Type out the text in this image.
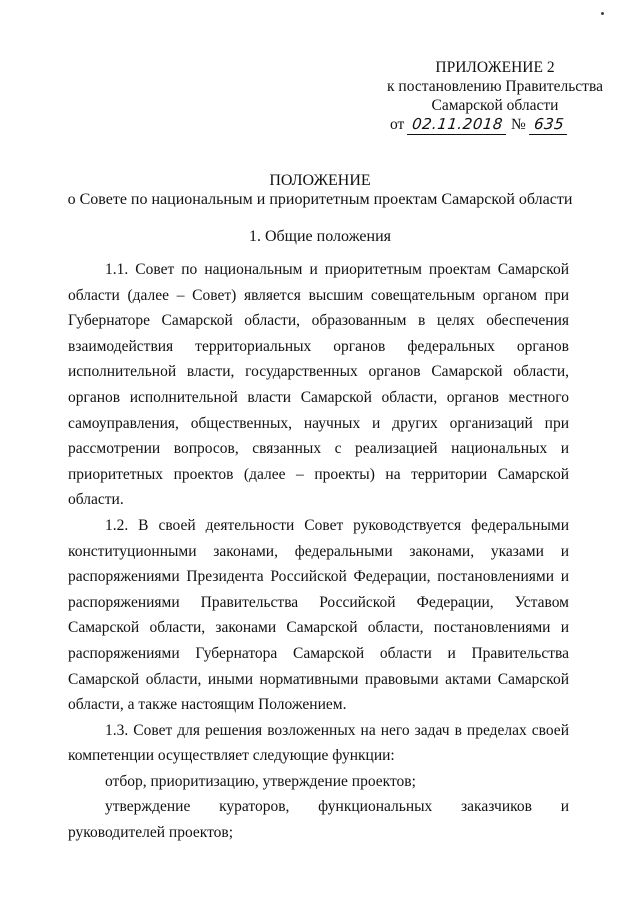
ПРИЛОЖЕНИЕ 2
к постановлению Правительства
Самарской области
от 02.11.2018 № 635
ПОЛОЖЕНИЕ
о Совете по национальным и приоритетным проектам Самарской области
1. Общие положения

1.1. Совет по национальным и приоритетным проектам Самарской области (далее – Совет) является высшим совещательным органом при Губернаторе Самарской области, образованным в целях обеспечения взаимодействия территориальных органов федеральных органов исполнительной власти, государственных органов Самарской области, органов исполнительной власти Самарской области, органов местного самоуправления, общественных, научных и других организаций при рассмотрении вопросов, связанных с реализацией национальных и приоритетных проектов (далее – проекты) на территории Самарской области.

1.2. В своей деятельности Совет руководствуется федеральными конституционными законами, федеральными законами, указами и распоряжениями Президента Российской Федерации, постановлениями и распоряжениями Правительства Российской Федерации, Уставом Самарской области, законами Самарской области, постановлениями и распоряжениями Губернатора Самарской области и Правительства Самарской области, иными нормативными правовыми актами Самарской области, а также настоящим Положением.

1.3. Совет для решения возложенных на него задач в пределах своей компетенции осуществляет следующие функции:

отбор, приоритизацию, утверждение проектов;

утверждение кураторов, функциональных заказчиков и руководителей проектов;
